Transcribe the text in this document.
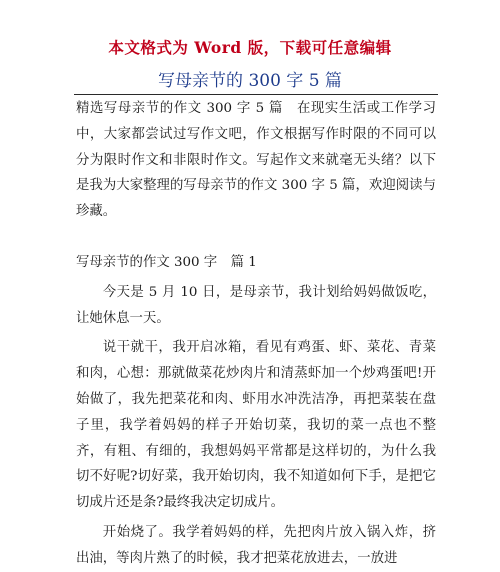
本文格式为 Word 版，下载可任意编辑
写母亲节的 300 字 5 篇

精选写母亲节的作文 300 字 5 篇　在现实生活或工作学习中，大家都尝试过写作文吧，作文根据写作时限的不同可以分为限时作文和非限时作文。写起作文来就毫无头绪？以下是我为大家整理的写母亲节的作文 300 字 5 篇，欢迎阅读与珍藏。

写母亲节的作文 300 字　篇 1

今天是 5 月 10 日，是母亲节，我计划给妈妈做饭吃，让她休息一天。

说干就干，我开启冰箱，看见有鸡蛋、虾、菜花、青菜和肉，心想：那就做菜花炒肉片和清蒸虾加一个炒鸡蛋吧!开始做了，我先把菜花和肉、虾用水冲洗洁净，再把菜装在盘子里，我学着妈妈的样子开始切菜，我切的菜一点也不整齐，有粗、有细的，我想妈妈平常都是这样切的，为什么我切不好呢?切好菜，我开始切肉，我不知道如何下手，是把它切成片还是条?最终我决定切成片。

开始烧了。我学着妈妈的样，先把肉片放入锅入炸，挤出油，等肉片熟了的时候，我才把菜花放进去，一放进
